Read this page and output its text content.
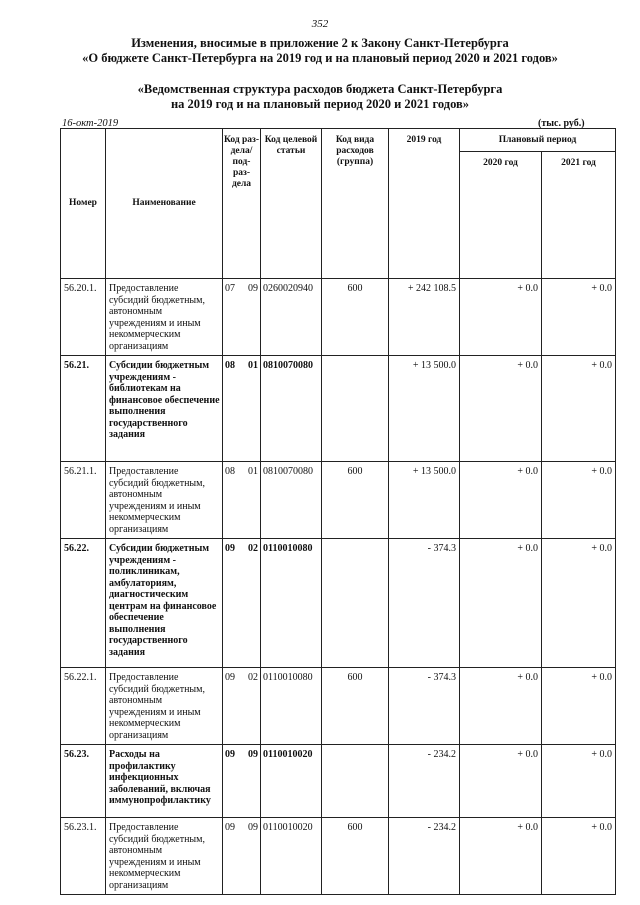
352
Изменения, вносимые в приложение 2 к Закону Санкт-Петербурга
«О бюджете Санкт-Петербурга на 2019 год и на плановый период 2020 и 2021 годов»
«Ведомственная структура расходов бюджета Санкт-Петербурга
на 2019 год и на плановый период 2020 и 2021 годов»
16-окт-2019	(тыс. руб.)
Номер	Наименование	Код раз- дела/ под- раз- дела	Код целевой статьи	Код вида расходов (группа)	2019 год	Плановый период	
						2020 год	2021 год
56.20.1.	Предоставление субсидий бюджетным, автономным учреждениям и иным некоммерческим организациям	07 09	0260020940	600	+ 242 108.5	+ 0.0	+ 0.0
56.21.	Субсидии бюджетным учреждениям - библиотекам на финансовое обеспечение выполнения государственного задания	08 01	0810070080		+ 13 500.0	+ 0.0	+ 0.0
56.21.1.	Предоставление субсидий бюджетным, автономным учреждениям и иным некоммерческим организациям	08 01	0810070080	600	+ 13 500.0	+ 0.0	+ 0.0
56.22.	Субсидии бюджетным учреждениям - поликлиникам, амбулаториям, диагностическим центрам на финансовое обеспечение выполнения государственного задания	09 02	0110010080		- 374.3	+ 0.0	+ 0.0
56.22.1.	Предоставление субсидий бюджетным, автономным учреждениям и иным некоммерческим организациям	09 02	0110010080	600	- 374.3	+ 0.0	+ 0.0
56.23.	Расходы на профилактику инфекционных заболеваний, включая иммунопрофилактику	09 09	0110010020		- 234.2	+ 0.0	+ 0.0
56.23.1.	Предоставление субсидий бюджетным, автономным учреждениям и иным некоммерческим организациям	09 09	0110010020	600	- 234.2	+ 0.0	+ 0.0
